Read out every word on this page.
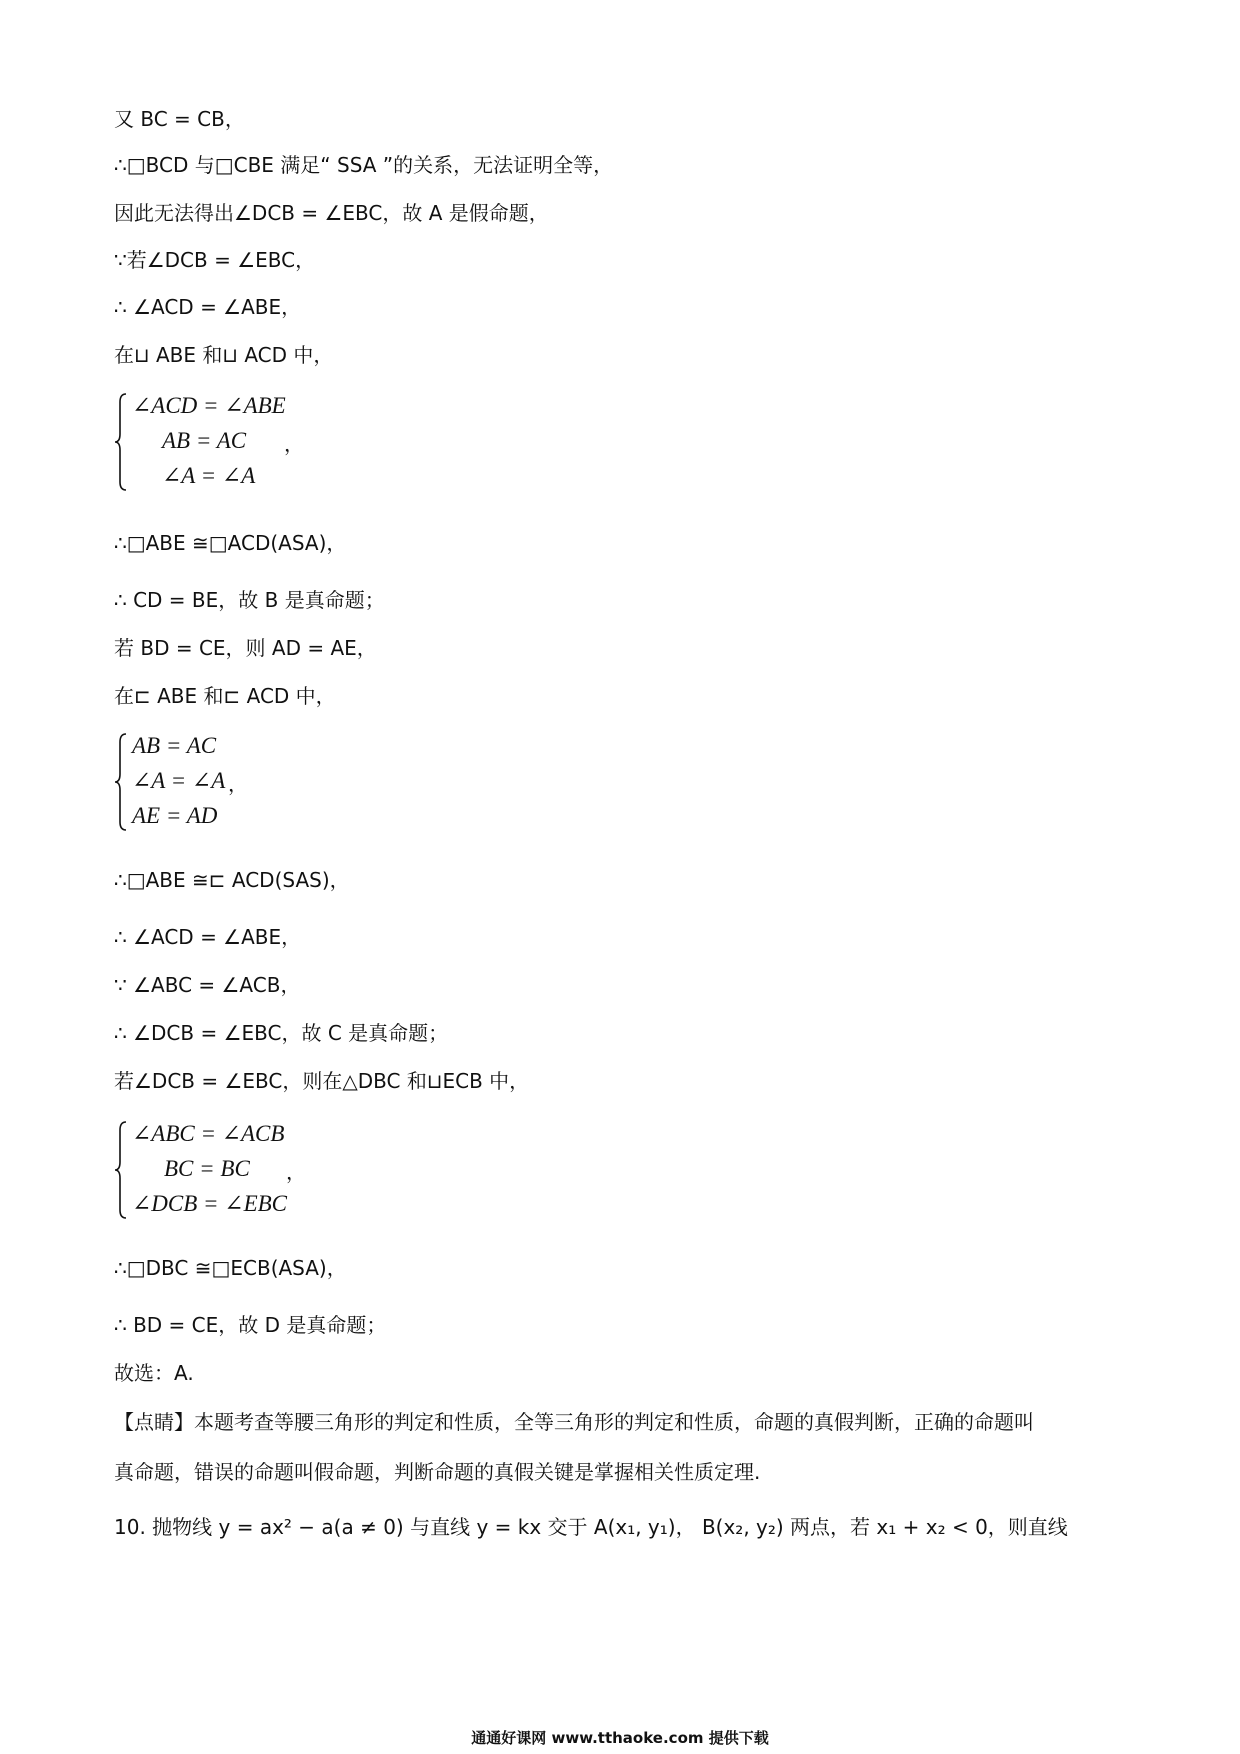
又 BC = CB，
∴□BCD 与□CBE 满足“ SSA ”的关系，无法证明全等，
因此无法得出∠DCB = ∠EBC，故 A 是假命题，
∵若∠DCB = ∠EBC，
∴ ∠ACD = ∠ABE，
在⊔ ABE 和⊔ ACD 中，
∠ACD = ∠ABE
AB = AC
∠A = ∠A
，
∴□ABE ≅□ACD(ASA)，
∴ CD = BE，故 B 是真命题；
若 BD = CE，则 AD = AE，
在⊏ ABE 和⊏ ACD 中，
AB = AC
∠A = ∠A
AE = AD
，
∴□ABE ≅⊏ ACD(SAS)，
∴ ∠ACD = ∠ABE，
∵ ∠ABC = ∠ACB，
∴ ∠DCB = ∠EBC，故 C 是真命题；
若∠DCB = ∠EBC，则在△DBC 和⊔ECB 中，
∠ABC = ∠ACB
BC = BC
∠DCB = ∠EBC
，
∴□DBC ≅□ECB(ASA)，
∴ BD = CE，故 D 是真命题；
故选：A.
【点睛】本题考查等腰三角形的判定和性质，全等三角形的判定和性质，命题的真假判断，正确的命题叫
真命题，错误的命题叫假命题，判断命题的真假关键是掌握相关性质定理.
10. 抛物线 y = ax² − a(a ≠ 0) 与直线 y = kx 交于 A(x₁, y₁)， B(x₂, y₂) 两点，若 x₁ + x₂ < 0，则直线
通通好课网 www.tthaoke.com 提供下载
